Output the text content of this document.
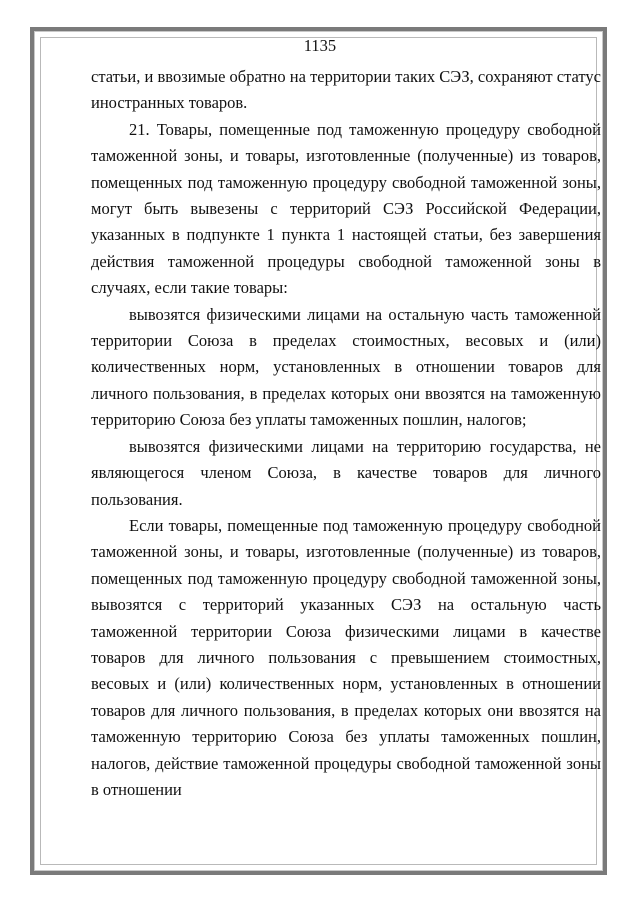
1135

статьи, и ввозимые обратно на территории таких СЭЗ, сохраняют статус иностранных товаров.

21. Товары, помещенные под таможенную процедуру свободной таможенной зоны, и товары, изготовленные (полученные) из товаров, помещенных под таможенную процедуру свободной таможенной зоны, могут быть вывезены с территорий СЭЗ Российской Федерации, указанных в подпункте 1 пункта 1 настоящей статьи, без завершения действия таможенной процедуры свободной таможенной зоны в случаях, если такие товары:

вывозятся физическими лицами на остальную часть таможенной территории Союза в пределах стоимостных, весовых и (или) количественных норм, установленных в отношении товаров для личного пользования, в пределах которых они ввозятся на таможенную территорию Союза без уплаты таможенных пошлин, налогов;

вывозятся физическими лицами на территорию государства, не являющегося членом Союза, в качестве товаров для личного пользования.

Если товары, помещенные под таможенную процедуру свободной таможенной зоны, и товары, изготовленные (полученные) из товаров, помещенных под таможенную процедуру свободной таможенной зоны, вывозятся с территорий указанных СЭЗ на остальную часть таможенной территории Союза физическими лицами в качестве товаров для личного пользования с превышением стоимостных, весовых и (или) количественных норм, установленных в отношении товаров для личного пользования, в пределах которых они ввозятся на таможенную территорию Союза без уплаты таможенных пошлин, налогов, действие таможенной процедуры свободной таможенной зоны в отношении
